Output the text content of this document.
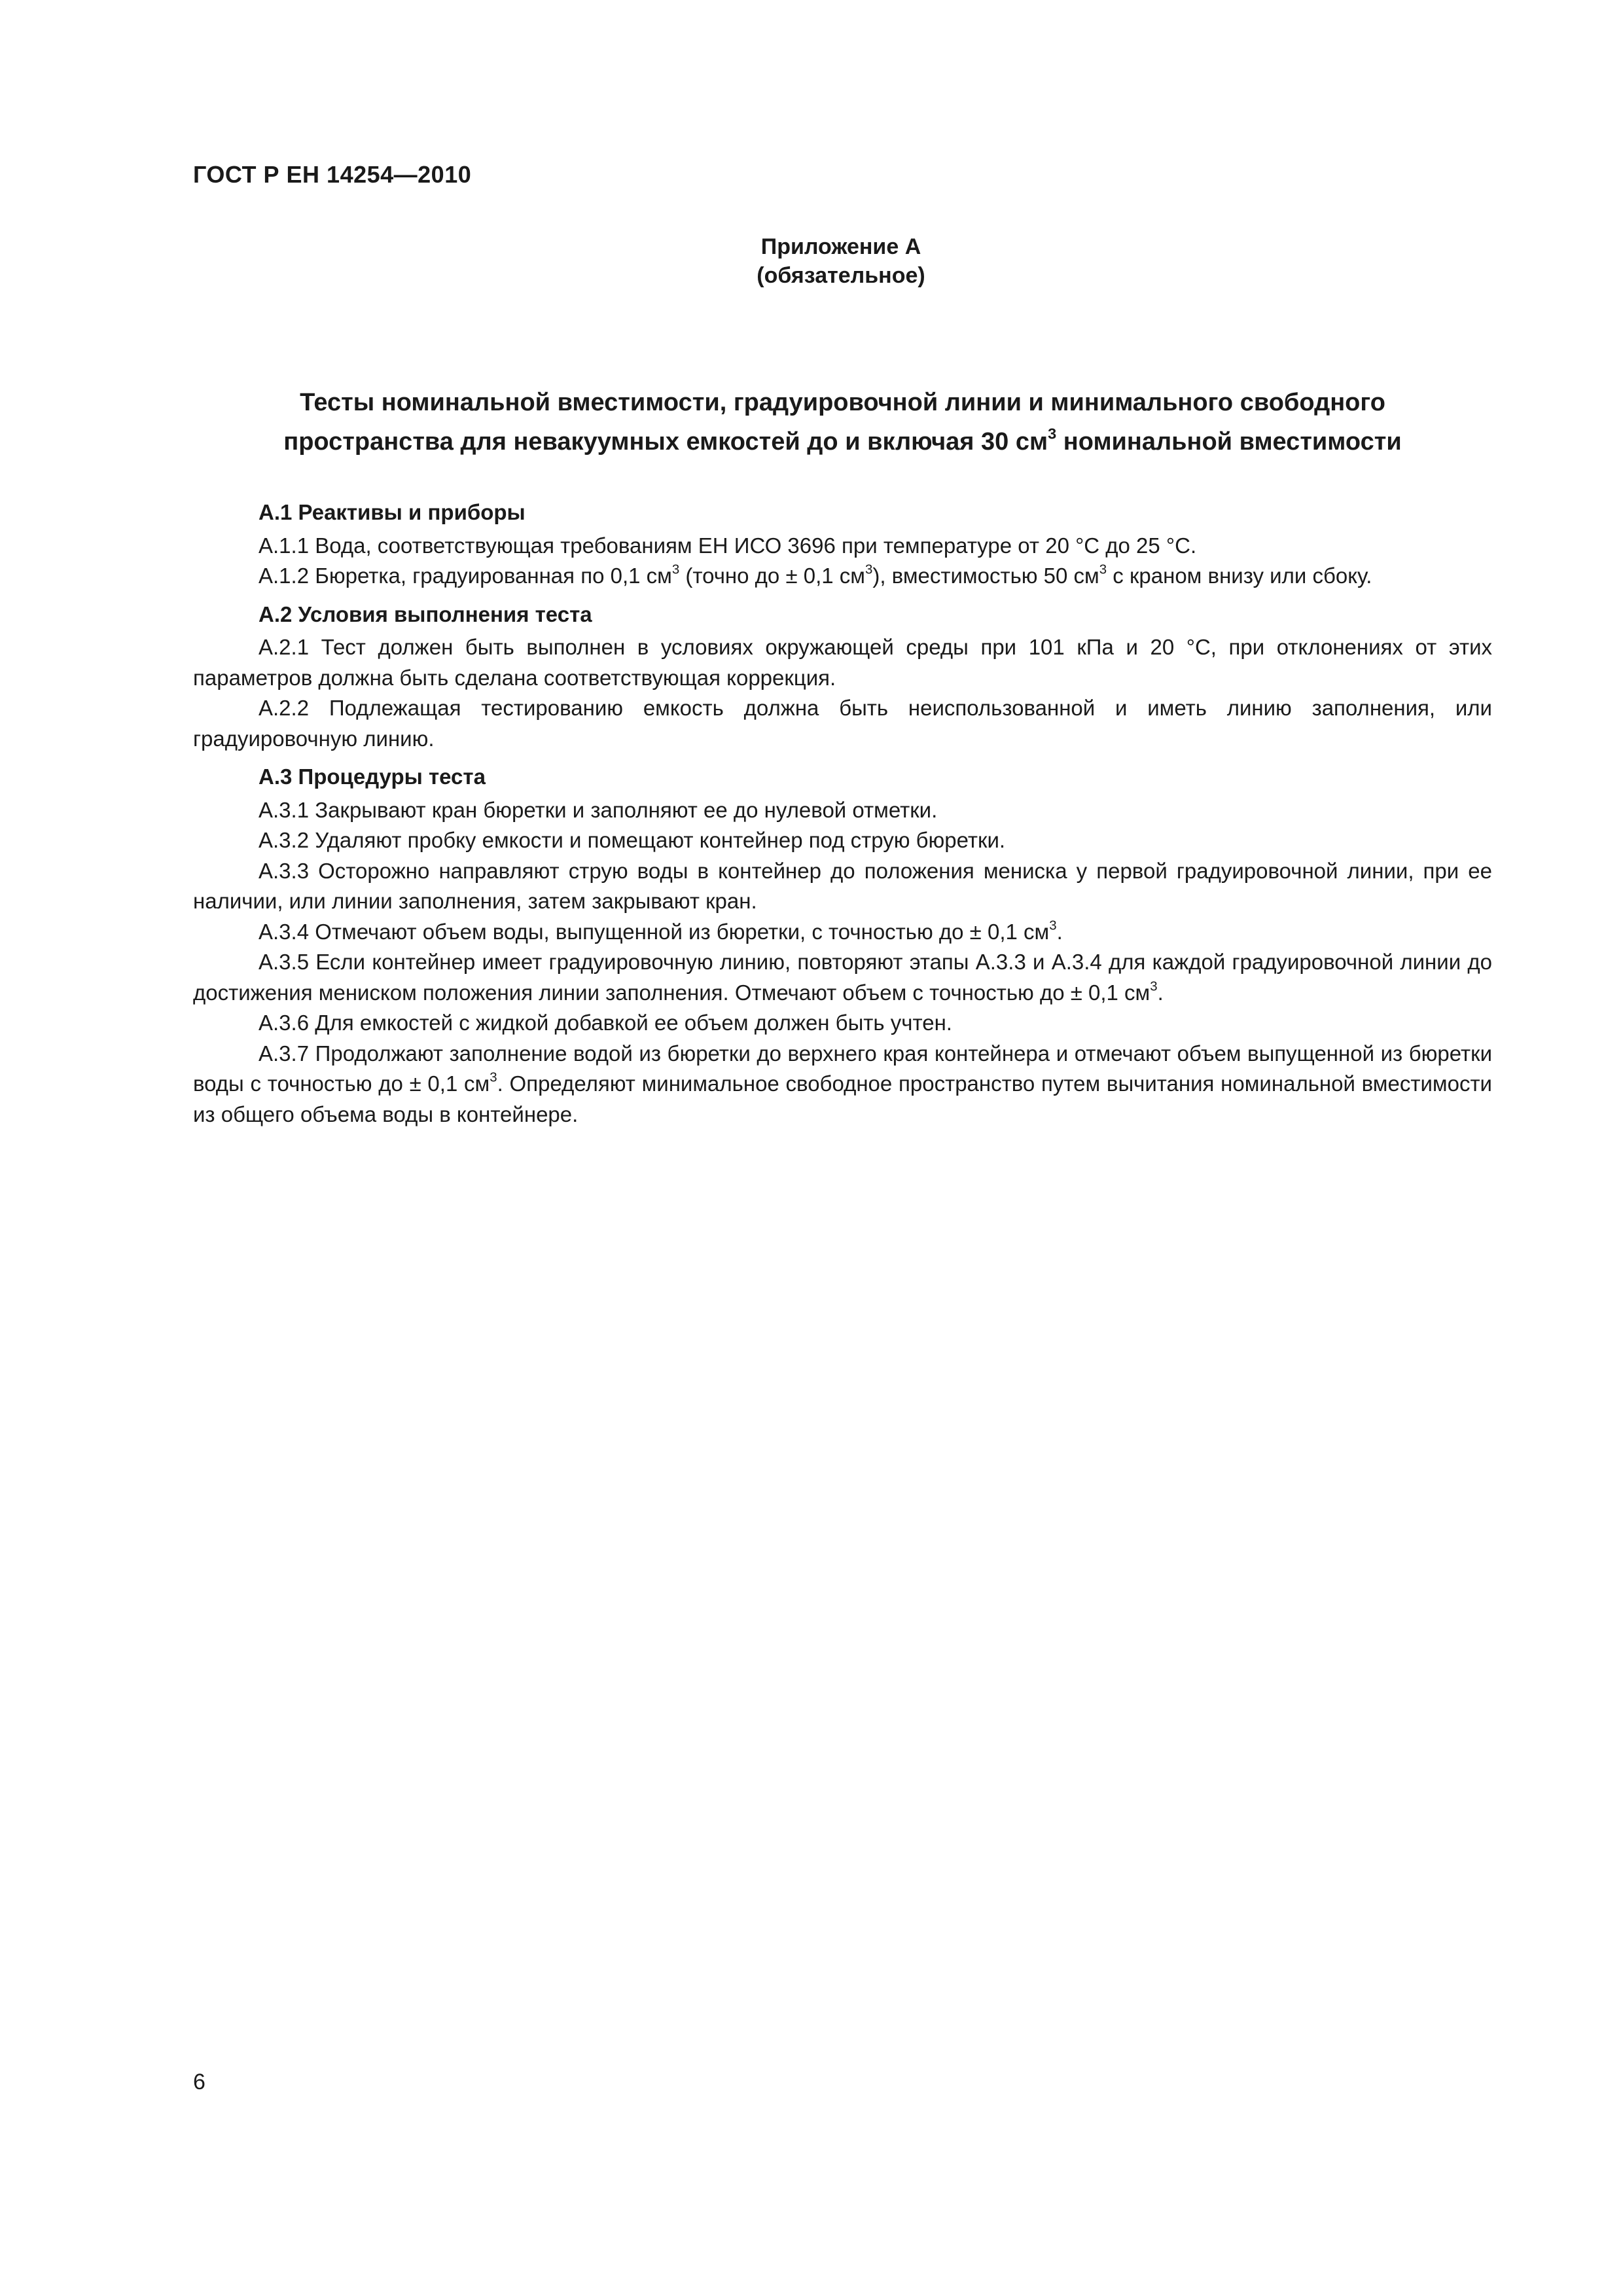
ГОСТ Р ЕН 14254—2010
Приложение А
(обязательное)
Тесты номинальной вместимости, градуировочной линии и минимального свободного
пространства для невакуумных емкостей до и включая 30 $см^3$ номинальной вместимости
А.1 Реактивы и приборы

А.1.1 Вода, соответствующая требованиям ЕН ИСО 3696 при температуре от 20 °С до 25 °С.

А.1.2 Бюретка, градуированная по 0,1 $см^3$ (точно до ± 0,1 $см^3$), вместимостью 50 $см^3$ с краном внизу или сбоку.

А.2 Условия выполнения теста

А.2.1 Тест должен быть выполнен в условиях окружающей среды при 101 кПа и 20 °С, при отклонениях от этих параметров должна быть сделана соответствующая коррекция.

А.2.2 Подлежащая тестированию емкость должна быть неиспользованной и иметь линию заполнения, или градуировочную линию.

А.3 Процедуры теста

А.3.1 Закрывают кран бюретки и заполняют ее до нулевой отметки.

А.3.2 Удаляют пробку емкости и помещают контейнер под струю бюретки.

А.3.3 Осторожно направляют струю воды в контейнер до положения мениска у первой градуировочной линии, при ее наличии, или линии заполнения, затем закрывают кран.

А.3.4 Отмечают объем воды, выпущенной из бюретки, с точностью до ± 0,1 $см^3$.

А.3.5 Если контейнер имеет градуировочную линию, повторяют этапы А.3.3 и А.3.4 для каждой градуировочной линии до достижения мениском положения линии заполнения. Отмечают объем с точностью до ± 0,1 $см^3$.

А.3.6 Для емкостей с жидкой добавкой ее объем должен быть учтен.

А.3.7 Продолжают заполнение водой из бюретки до верхнего края контейнера и отмечают объем выпущенной из бюретки воды с точностью до ± 0,1 $см^3$. Определяют минимальное свободное пространство путем вычитания номинальной вместимости из общего объема воды в контейнере.

6
